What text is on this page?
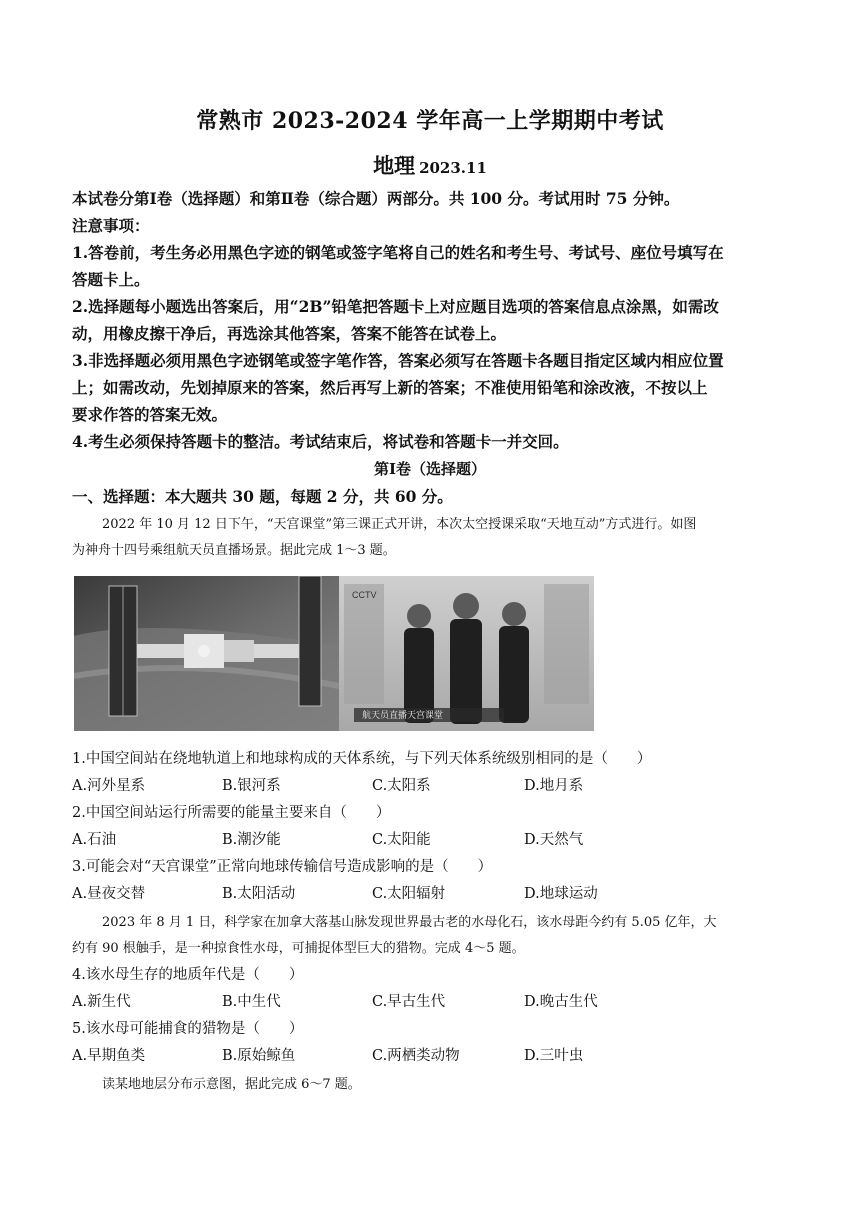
常熟市 2023-2024 学年高一上学期期中考试
地理 2023.11
本试卷分第Ⅰ卷（选择题）和第Ⅱ卷（综合题）两部分。共 100 分。考试用时 75 分钟。
注意事项：
1.答卷前，考生务必用黑色字迹的钢笔或签字笔将自己的姓名和考生号、考试号、座位号填写在
答题卡上。
2.选择题每小题选出答案后，用“2B”铅笔把答题卡上对应题目选项的答案信息点涂黑，如需改
动，用橡皮擦干净后，再选涂其他答案，答案不能答在试卷上。
3.非选择题必须用黑色字迹钢笔或签字笔作答，答案必须写在答题卡各题目指定区域内相应位置
上；如需改动，先划掉原来的答案，然后再写上新的答案；不准使用铅笔和涂改液，不按以上
要求作答的答案无效。
4.考生必须保持答题卡的整洁。考试结束后，将试卷和答题卡一并交回。
第Ⅰ卷（选择题）
一、选择题：本大题共 30 题，每题 2 分，共 60 分。
2022 年 10 月 12 日下午，“天宫课堂”第三课正式开讲，本次太空授课采取“天地互动”方式进行。如图
为神舟十四号乘组航天员直播场景。据此完成 1～3 题。
CCTV
航天员直播天宫课堂
1.中国空间站在绕地轨道上和地球构成的天体系统，与下列天体系统级别相同的是（　　）
A.河外星系	B.银河系	C.太阳系	D.地月系
2.中国空间站运行所需要的能量主要来自（　　）
A.石油	B.潮汐能	C.太阳能	D.天然气
3.可能会对“天宫课堂”正常向地球传输信号造成影响的是（　　）
A.昼夜交替	B.太阳活动	C.太阳辐射	D.地球运动
2023 年 8 月 1 日，科学家在加拿大落基山脉发现世界最古老的水母化石，该水母距今约有 5.05 亿年，大
约有 90 根触手，是一种掠食性水母，可捕捉体型巨大的猎物。完成 4～5 题。
4.该水母生存的地质年代是（　　）
A.新生代	B.中生代	C.早古生代	D.晚古生代
5.该水母可能捕食的猎物是（　　）
A.早期鱼类	B.原始鲸鱼	C.两栖类动物	D.三叶虫
读某地地层分布示意图，据此完成 6～7 题。
